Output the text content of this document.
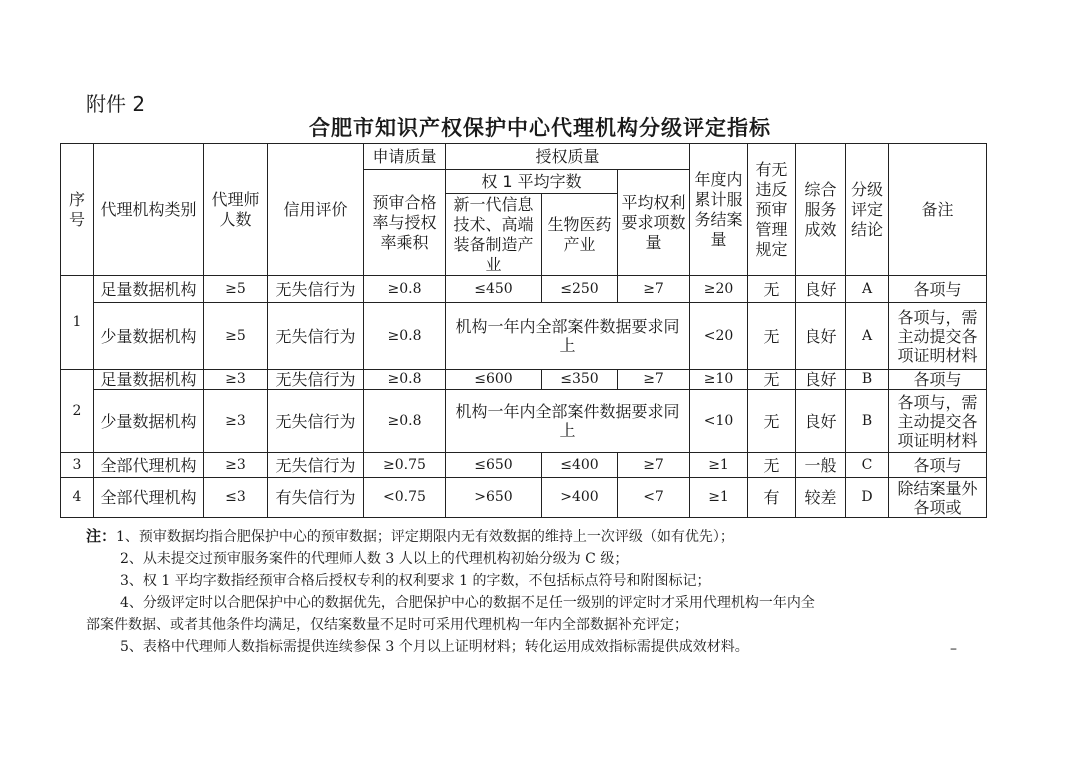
附件 2
合肥市知识产权保护中心代理机构分级评定指标
序号	代理机构类别	代理师人数	信用评价	申请质量	授权质量			年度内累计服务结案量	有无违反预审管理规定	综合服务成效	分级评定结论	备注
				预审合格率与授权率乘积	权 1 平均字数		平均权利要求项数量					
					新一代信息技术、高端装备制造产业	生物医药产业						
1	足量数据机构	≥5	无失信行为	≥0.8	≤450	≤250	≥7	≥20	无	良好	A	各项与
	少量数据机构	≥5	无失信行为	≥0.8	机构一年内全部案件数据要求同上			<20	无	良好	A	各项与，需主动提交各项证明材料
2	足量数据机构	≥3	无失信行为	≥0.8	≤600	≤350	≥7	≥10	无	良好	B	各项与
	少量数据机构	≥3	无失信行为	≥0.8	机构一年内全部案件数据要求同上			<10	无	良好	B	各项与，需主动提交各项证明材料
3	全部代理机构	≥3	无失信行为	≥0.75	≤650	≤400	≥7	≥1	无	一般	C	各项与
4	全部代理机构	≤3	有失信行为	<0.75	>650	>400	<7	≥1	有	较差	D	除结案量外各项或
注：1、预审数据均指合肥保护中心的预审数据；评定期限内无有效数据的维持上一次评级（如有优先）；
2、从未提交过预审服务案件的代理师人数 3 人以上的代理机构初始分级为 C 级；
3、权 1 平均字数指经预审合格后授权专利的权利要求 1 的字数，不包括标点符号和附图标记；
4、分级评定时以合肥保护中心的数据优先，合肥保护中心的数据不足任一级别的评定时才采用代理机构一年内全
部案件数据、或者其他条件均满足，仅结案数量不足时可采用代理机构一年内全部数据补充评定；
5、表格中代理师人数指标需提供连续参保 3 个月以上证明材料；转化运用成效指标需提供成效材料。	–
